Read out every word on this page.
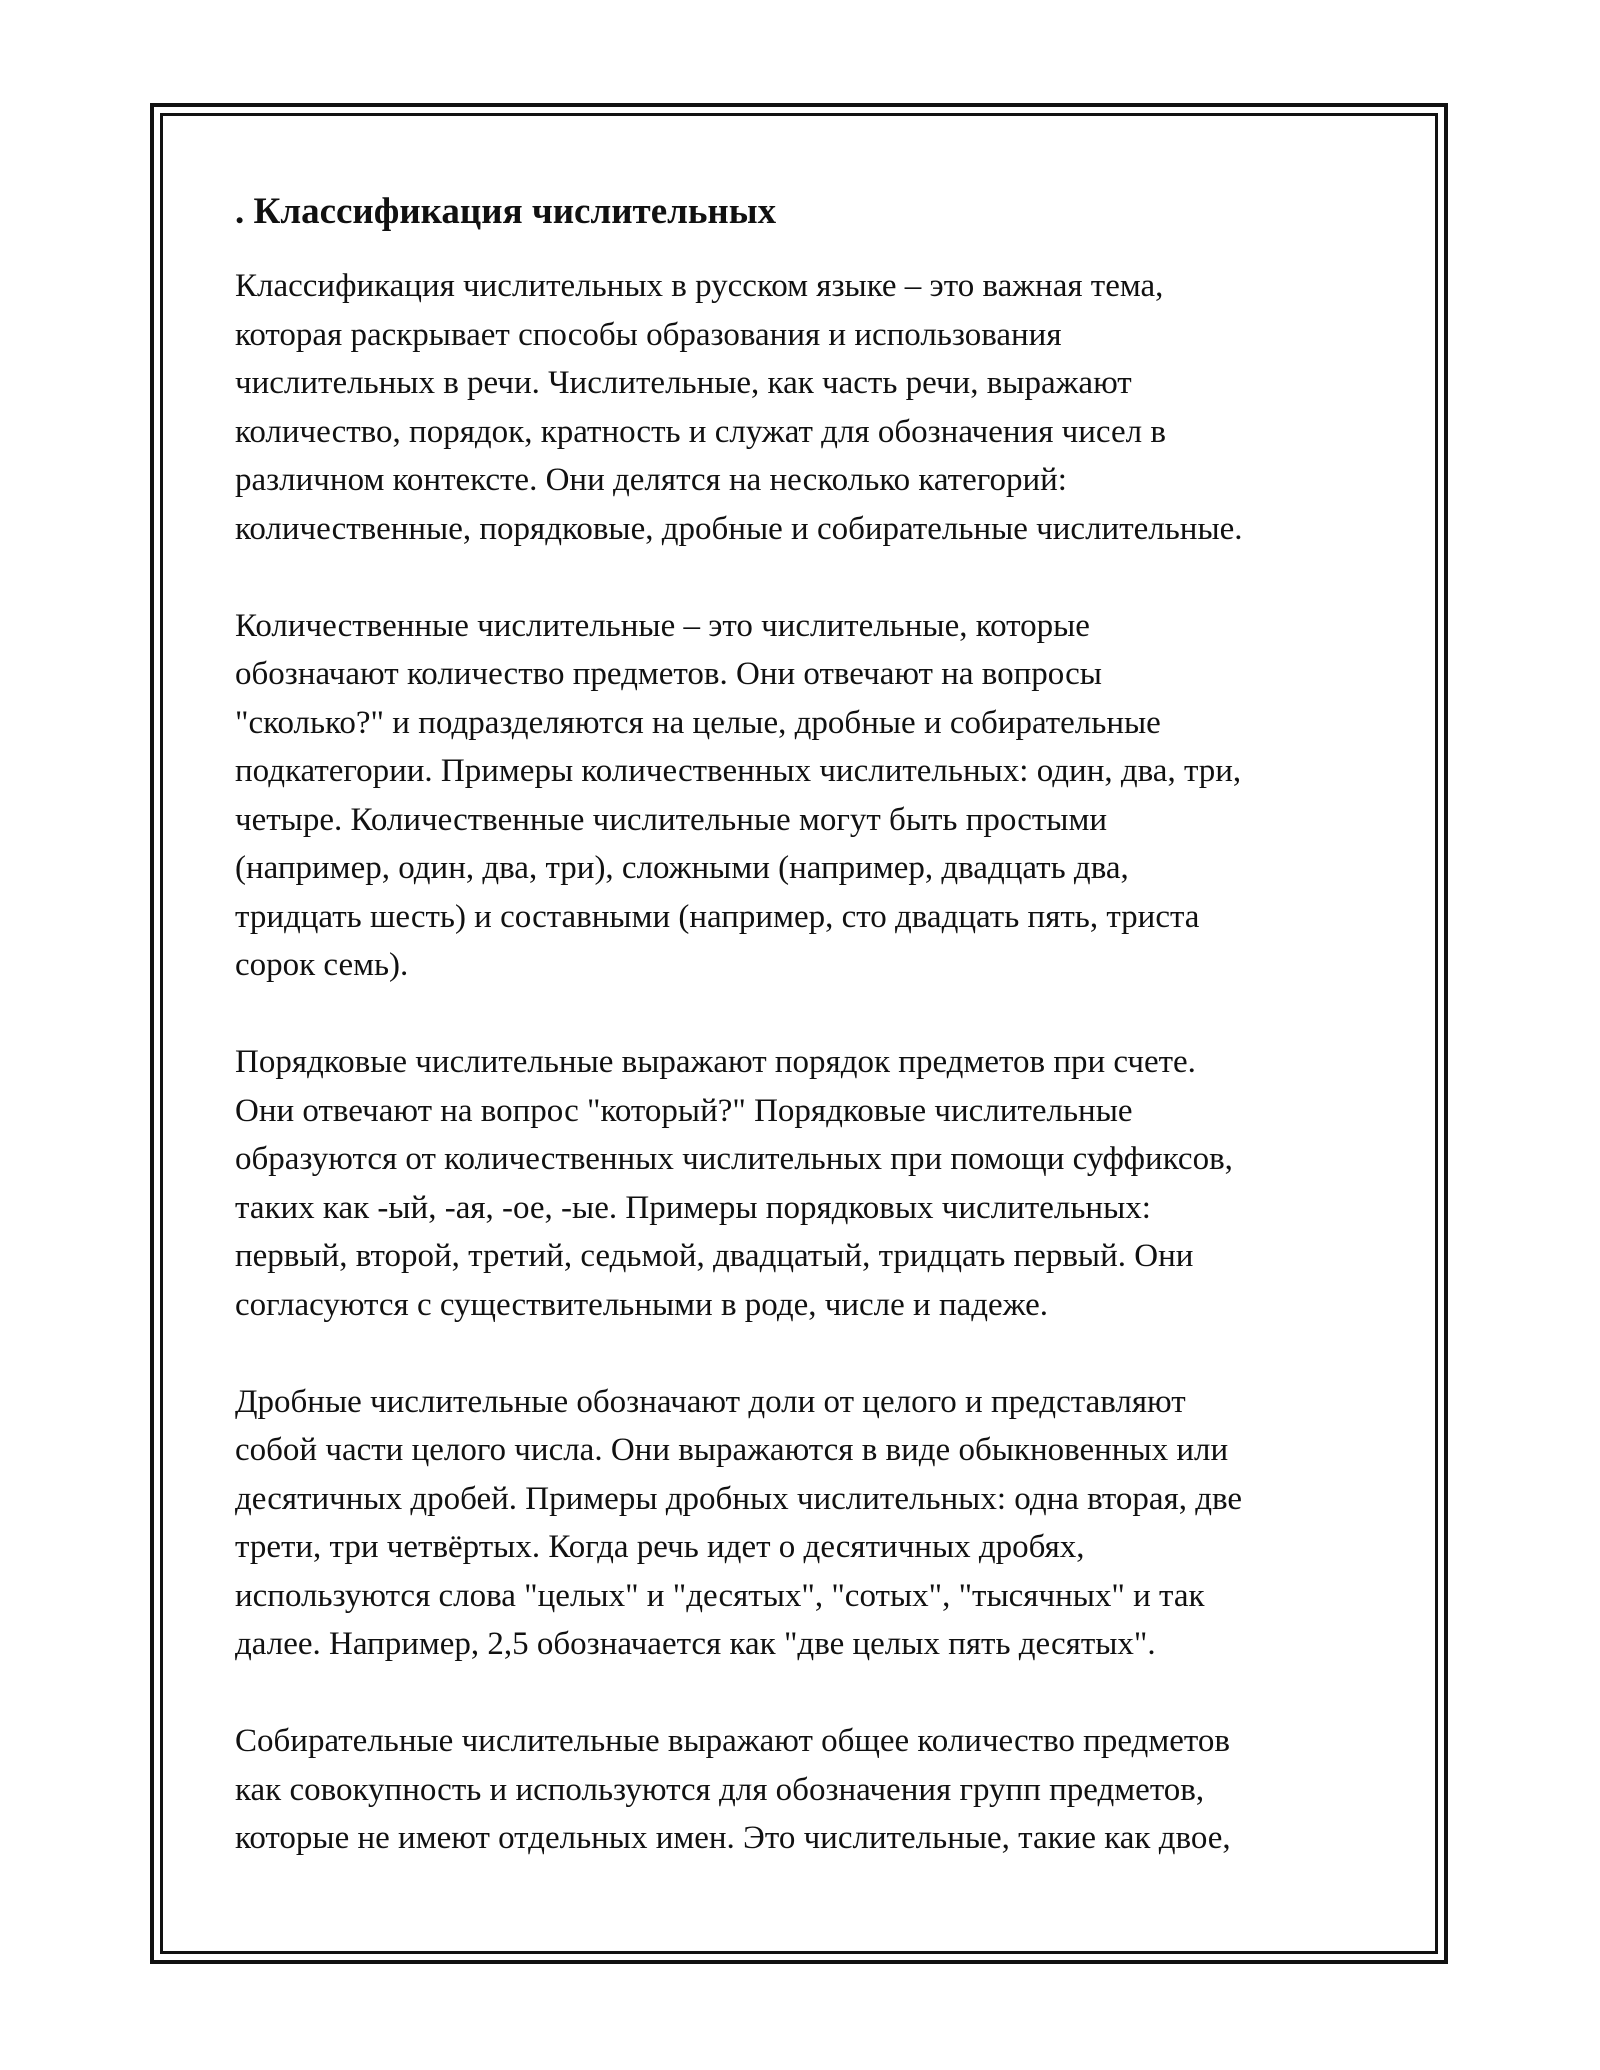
. Классификация числительных

Классификация числительных в русском языке – это важная тема,
которая раскрывает способы образования и использования
числительных в речи. Числительные, как часть речи, выражают
количество, порядок, кратность и служат для обозначения чисел в
различном контексте. Они делятся на несколько категорий:
количественные, порядковые, дробные и собирательные числительные.

Количественные числительные – это числительные, которые
обозначают количество предметов. Они отвечают на вопросы
"сколько?" и подразделяются на целые, дробные и собирательные
подкатегории. Примеры количественных числительных: один, два, три,
четыре. Количественные числительные могут быть простыми
(например, один, два, три), сложными (например, двадцать два,
тридцать шесть) и составными (например, сто двадцать пять, триста
сорок семь).

Порядковые числительные выражают порядок предметов при счете.
Они отвечают на вопрос "который?" Порядковые числительные
образуются от количественных числительных при помощи суффиксов,
таких как -ый, -ая, -ое, -ые. Примеры порядковых числительных:
первый, второй, третий, седьмой, двадцатый, тридцать первый. Они
согласуются с существительными в роде, числе и падеже.

Дробные числительные обозначают доли от целого и представляют
собой части целого числа. Они выражаются в виде обыкновенных или
десятичных дробей. Примеры дробных числительных: одна вторая, две
трети, три четвёртых. Когда речь идет о десятичных дробях,
используются слова "целых" и "десятых", "сотых", "тысячных" и так
далее. Например, 2,5 обозначается как "две целых пять десятых".

Собирательные числительные выражают общее количество предметов
как совокупность и используются для обозначения групп предметов,
которые не имеют отдельных имен. Это числительные, такие как двое,
